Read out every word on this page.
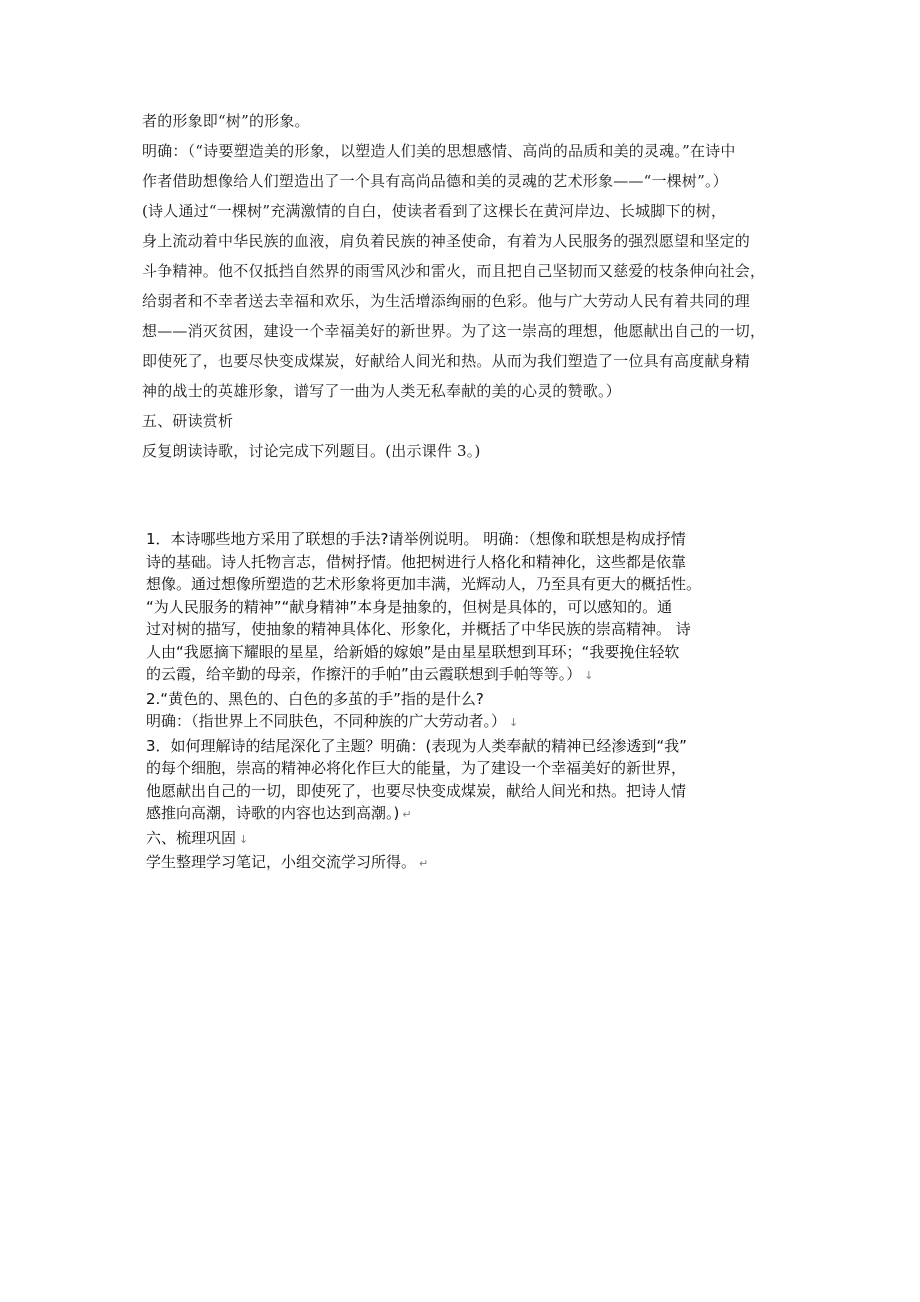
者的形象即“树”的形象。

明确：（“诗要塑造美的形象，以塑造人们美的思想感情、高尚的品质和美的灵魂。”在诗中

作者借助想像给人们塑造出了一个具有高尚品德和美的灵魂的艺术形象——“一棵树”。）

(诗人通过“一棵树”充满激情的自白，使读者看到了这棵长在黄河岸边、长城脚下的树，

身上流动着中华民族的血液，肩负着民族的神圣使命，有着为人民服务的强烈愿望和坚定的

斗争精神。他不仅抵挡自然界的雨雪风沙和雷火，而且把自己坚韧而又慈爱的枝条伸向社会，

给弱者和不幸者送去幸福和欢乐，为生活增添绚丽的色彩。他与广大劳动人民有着共同的理

想——消灭贫困，建设一个幸福美好的新世界。为了这一崇高的理想，他愿献出自己的一切，

即使死了，也要尽快变成煤炭，好献给人间光和热。从而为我们塑造了一位具有高度献身精

神的战士的英雄形象，谱写了一曲为人类无私奉献的美的心灵的赞歌。）

五、研读赏析

反复朗读诗歌，讨论完成下列题目。(出示课件 3。)

1．本诗哪些地方采用了联想的手法?请举例说明。 明确：（想像和联想是构成抒情

诗的基础。诗人托物言志，借树抒情。他把树进行人格化和精神化，这些都是依靠

想像。通过想像所塑造的艺术形象将更加丰满，光辉动人，乃至具有更大的概括性。

“为人民服务的精神”“献身精神”本身是抽象的，但树是具体的，可以感知的。通

过对树的描写，使抽象的精神具体化、形象化，并概括了中华民族的崇高精神。 诗

人由“我愿摘下耀眼的星星，给新婚的嫁娘”是由星星联想到耳环；“我要挽住轻软

的云霞，给辛勤的母亲，作擦汗的手帕”由云霞联想到手帕等等。） ↓

2.“黄色的、黑色的、白色的多茧的手”指的是什么?

明确：（指世界上不同肤色，不同种族的广大劳动者。） ↓

3．如何理解诗的结尾深化了主题？明确：(表现为人类奉献的精神已经渗透到“我”

的每个细胞，崇高的精神必将化作巨大的能量，为了建设一个幸福美好的新世界，

他愿献出自己的一切，即使死了，也要尽快变成煤炭，献给人间光和热。把诗人情

感推向高潮，诗歌的内容也达到高潮。) ↵

六、梳理巩固 ↓

学生整理学习笔记，小组交流学习所得。 ↵
